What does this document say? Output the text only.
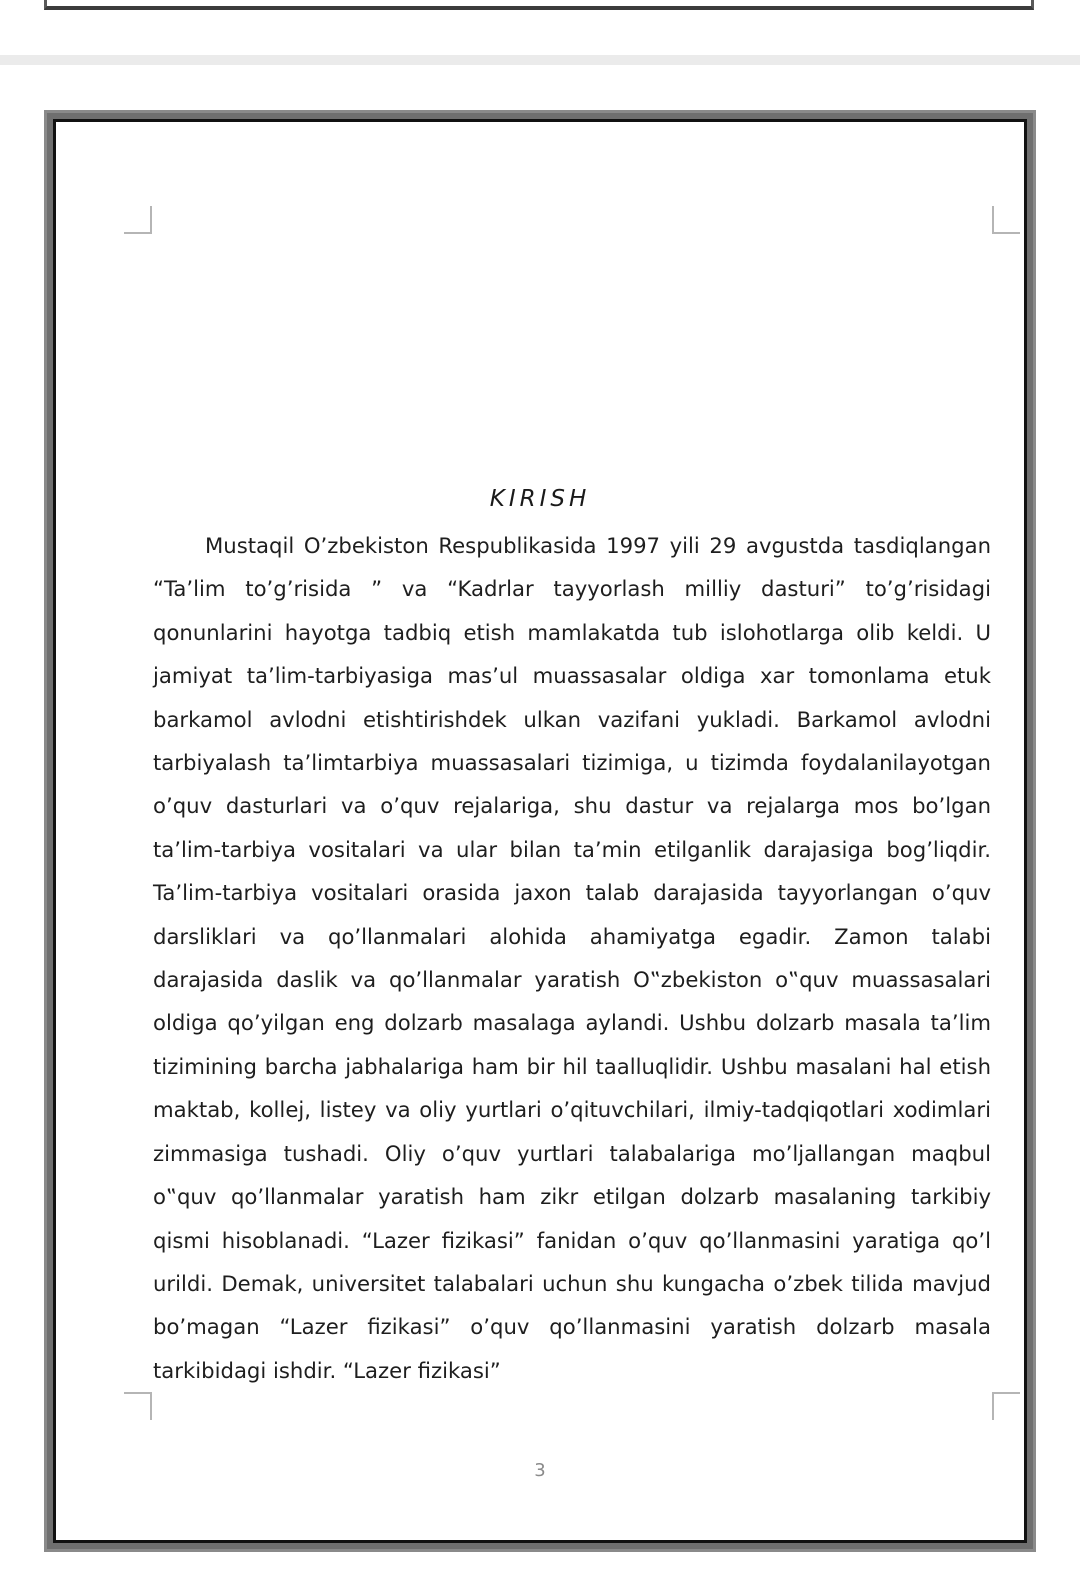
KIRISH

Mustaqil O’zbekiston Respublikasida 1997 yili 29 avgustda tasdiqlangan “Ta’lim to’g’risida ” va “Kadrlar tayyorlash milliy dasturi” to’g’risidagi qonunlarini hayotga tadbiq etish mamlakatda tub islohotlarga olib keldi. U jamiyat ta’lim-tarbiyasiga mas’ul muassasalar oldiga xar tomonlama etuk barkamol avlodni etishtirishdek ulkan vazifani yukladi. Barkamol avlodni tarbiyalash ta’limtarbiya muassasalari tizimiga, u tizimda foydalanilayotgan o’quv dasturlari va o’quv rejalariga, shu dastur va rejalarga mos bo’lgan ta’lim-tarbiya vositalari va ular bilan ta’min etilganlik darajasiga bog’liqdir. Ta’lim-tarbiya vositalari orasida jaxon talab darajasida tayyorlangan o’quv darsliklari va qo’llanmalari alohida ahamiyatga egadir. Zamon talabi darajasida daslik va qo’llanmalar yaratish O‟zbekiston o‟quv muassasalari oldiga qo’yilgan eng dolzarb masalaga aylandi. Ushbu dolzarb masala ta’lim tizimining barcha jabhalariga ham bir hil taalluqlidir. Ushbu masalani hal etish maktab, kollej, listey va oliy yurtlari o’qituvchilari, ilmiy-tadqiqotlari xodimlari zimmasiga tushadi. Oliy o’quv yurtlari talabalariga mo’ljallangan maqbul o‟quv qo’llanmalar yaratish ham zikr etilgan dolzarb masalaning tarkibiy qismi hisoblanadi. “Lazer fizikasi” fanidan o’quv qo’llanmasini yaratiga qo’l urildi. Demak, universitet talabalari uchun shu kungacha o’zbek tilida mavjud bo’magan “Lazer fizikasi” o’quv qo’llanmasini yaratish dolzarb masala tarkibidagi ishdir. “Lazer fizikasi”

3
